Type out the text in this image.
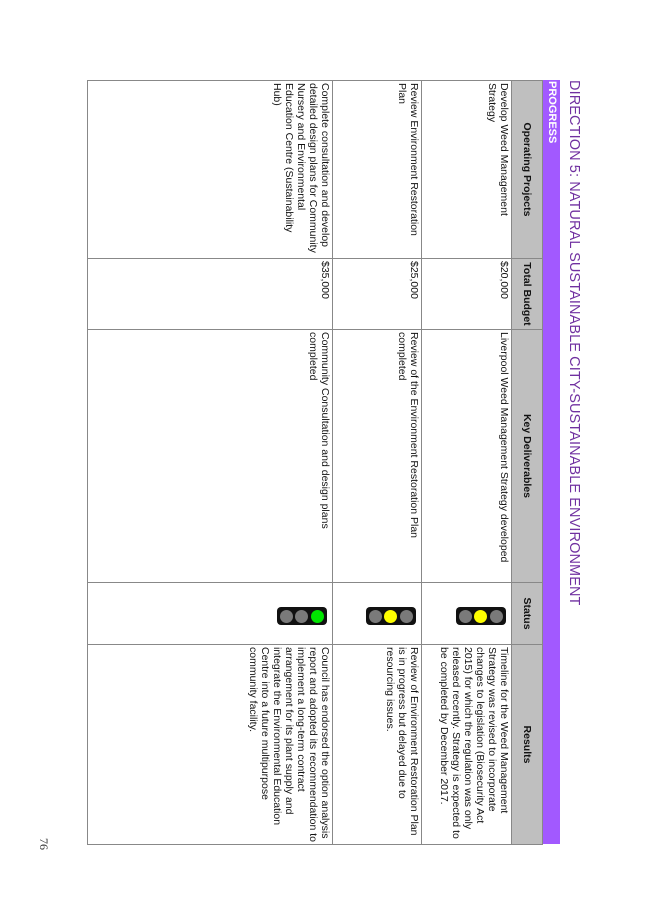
DIRECTION 5: NATURAL SUSTAINABLE CITY-SUSTAINABLE ENVIRONMENT
PROGRESS
Operating Projects	Total Budget	Key Deliverables	Status	Results
Develop Weed Management Strategy	$20,000	Liverpool Weed Management Strategy developed		Timeline for the Weed Management Strategy was revised to incorporate changes to legislation (Biosecurity Act 2015) for which the regulation was only released recently. Strategy is expected to be completed by December 2017.
Review Environment Restoration Plan	$25,000	Review of the Environment Restoration Plan completed		Review of Environment Restoration Plan is in progress but delayed due to resourcing issues.
Complete consultation and develop detailed design plans for Community Nursery and Environmental Education Centre (Sustainability Hub)	$35,000	Community Consultation and design plans completed		Council has endorsed the option analysis report and adopted its recommendation to implement a long-term contract arrangement for its plant supply and integrate the Environmental Education Centre into a future multipurpose community facility.
76
